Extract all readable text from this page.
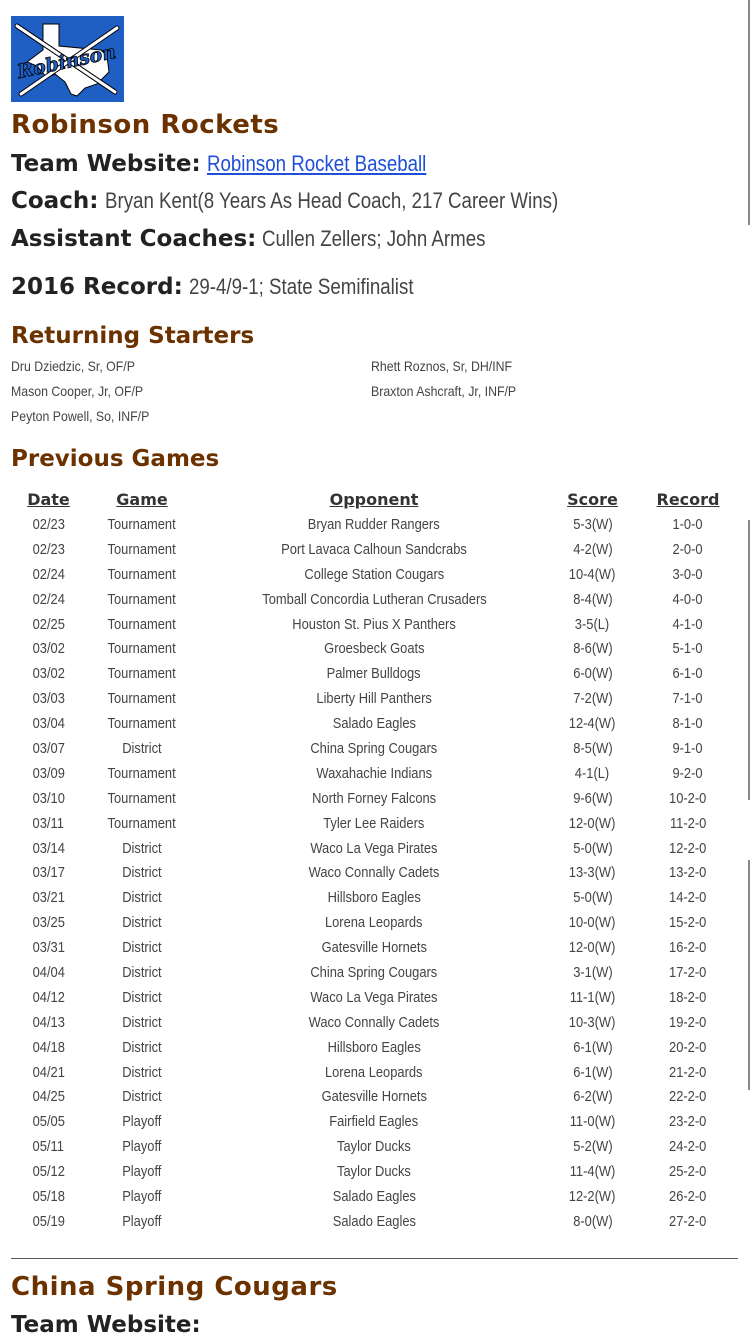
Robinson
Robinson Rockets

Team Website: Robinson Rocket Baseball

Coach: Bryan Kent(8 Years As Head Coach, 217 Career Wins)

Assistant Coaches: Cullen Zellers; John Armes

2016 Record: 29-4/9-1; State Semifinalist

Returning Starters
Dru Dziedzic, Sr, OF/P	Rhett Roznos, Sr, DH/INF
Mason Cooper, Jr, OF/P	Braxton Ashcraft, Jr, INF/P
Peyton Powell, So, INF/P
Previous Games
Date	Game	Opponent	Score	Record
02/23	Tournament	Bryan Rudder Rangers	5-3(W)	1-0-0
02/23	Tournament	Port Lavaca Calhoun Sandcrabs	4-2(W)	2-0-0
02/24	Tournament	College Station Cougars	10-4(W)	3-0-0
02/24	Tournament	Tomball Concordia Lutheran Crusaders	8-4(W)	4-0-0
02/25	Tournament	Houston St. Pius X Panthers	3-5(L)	4-1-0
03/02	Tournament	Groesbeck Goats	8-6(W)	5-1-0
03/02	Tournament	Palmer Bulldogs	6-0(W)	6-1-0
03/03	Tournament	Liberty Hill Panthers	7-2(W)	7-1-0
03/04	Tournament	Salado Eagles	12-4(W)	8-1-0
03/07	District	China Spring Cougars	8-5(W)	9-1-0
03/09	Tournament	Waxahachie Indians	4-1(L)	9-2-0
03/10	Tournament	North Forney Falcons	9-6(W)	10-2-0
03/11	Tournament	Tyler Lee Raiders	12-0(W)	11-2-0
03/14	District	Waco La Vega Pirates	5-0(W)	12-2-0
03/17	District	Waco Connally Cadets	13-3(W)	13-2-0
03/21	District	Hillsboro Eagles	5-0(W)	14-2-0
03/25	District	Lorena Leopards	10-0(W)	15-2-0
03/31	District	Gatesville Hornets	12-0(W)	16-2-0
04/04	District	China Spring Cougars	3-1(W)	17-2-0
04/12	District	Waco La Vega Pirates	11-1(W)	18-2-0
04/13	District	Waco Connally Cadets	10-3(W)	19-2-0
04/18	District	Hillsboro Eagles	6-1(W)	20-2-0
04/21	District	Lorena Leopards	6-1(W)	21-2-0
04/25	District	Gatesville Hornets	6-2(W)	22-2-0
05/05	Playoff	Fairfield Eagles	11-0(W)	23-2-0
05/11	Playoff	Taylor Ducks	5-2(W)	24-2-0
05/12	Playoff	Taylor Ducks	11-4(W)	25-2-0
05/18	Playoff	Salado Eagles	12-2(W)	26-2-0
05/19	Playoff	Salado Eagles	8-0(W)	27-2-0
China Spring Cougars

Team Website:
